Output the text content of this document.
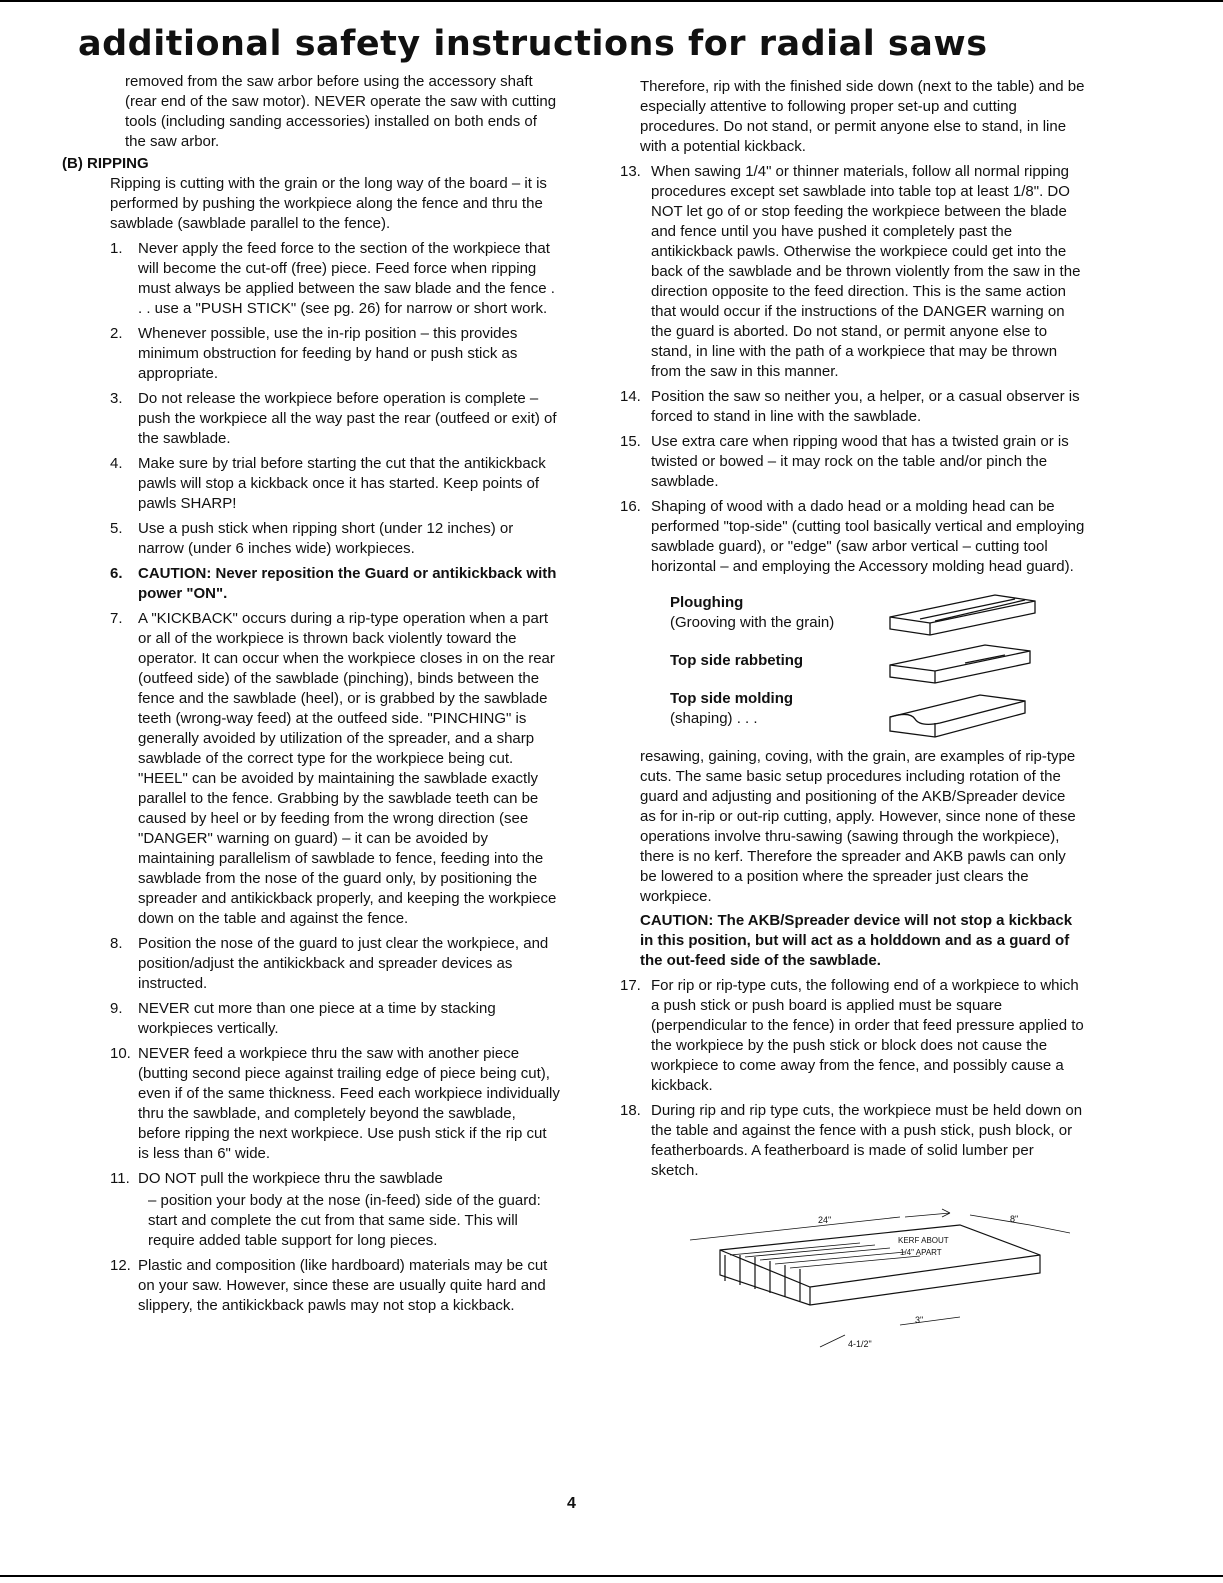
additional safety instructions for radial saws

removed from the saw arbor before using the accessory shaft (rear end of the saw motor). NEVER operate the saw with cutting tools (including sanding accessories) installed on both ends of the saw arbor.

(B) RIPPING

Ripping is cutting with the grain or the long way of the board – it is performed by pushing the workpiece along the fence and thru the sawblade (sawblade parallel to the fence).

1. Never apply the feed force to the section of the workpiece that will become the cut-off (free) piece. Feed force when ripping must always be applied between the saw blade and the fence . . . use a "PUSH STICK" (see pg. 26) for narrow or short work.
2. Whenever possible, use the in-rip position – this provides minimum obstruction for feeding by hand or push stick as appropriate.
3. Do not release the workpiece before operation is complete – push the workpiece all the way past the rear (outfeed or exit) of the sawblade.
4. Make sure by trial before starting the cut that the antikickback pawls will stop a kickback once it has started. Keep points of pawls SHARP!
5. Use a push stick when ripping short (under 12 inches) or narrow (under 6 inches wide) workpieces.
6. CAUTION: Never reposition the Guard or antikickback with power "ON".
7. A "KICKBACK" occurs during a rip-type operation when a part or all of the workpiece is thrown back violently toward the operator. It can occur when the workpiece closes in on the rear (outfeed side) of the sawblade (pinching), binds between the fence and the sawblade (heel), or is grabbed by the sawblade teeth (wrong-way feed) at the outfeed side. "PINCHING" is generally avoided by utilization of the spreader, and a sharp sawblade of the correct type for the workpiece being cut. "HEEL" can be avoided by maintaining the sawblade exactly parallel to the fence. Grabbing by the sawblade teeth can be caused by heel or by feeding from the wrong direction (see "DANGER" warning on guard) – it can be avoided by maintaining parallelism of sawblade to fence, feeding into the sawblade from the nose of the guard only, by positioning the spreader and antikickback properly, and keeping the workpiece down on the table and against the fence.
8. Position the nose of the guard to just clear the workpiece, and position/adjust the antikickback and spreader devices as instructed.
9. NEVER cut more than one piece at a time by stacking workpieces vertically.
10. NEVER feed a workpiece thru the saw with another piece (butting second piece against trailing edge of piece being cut), even if of the same thickness. Feed each workpiece individually thru the sawblade, and completely beyond the sawblade, before ripping the next workpiece. Use push stick if the rip cut is less than 6" wide.
11. DO NOT pull the workpiece thru the sawblade

– position your body at the nose (in-feed) side of the guard: start and complete the cut from that same side. This will require added table support for long pieces.

12. Plastic and composition (like hardboard) materials may be cut on your saw. However, since these are usually quite hard and slippery, the antikickback pawls may not stop a kickback.

Therefore, rip with the finished side down (next to the table) and be especially attentive to following proper set-up and cutting procedures. Do not stand, or permit anyone else to stand, in line with a potential kickback.

13. When sawing 1/4" or thinner materials, follow all normal ripping procedures except set sawblade into table top at least 1/8". DO NOT let go of or stop feeding the workpiece between the blade and fence until you have pushed it completely past the antikickback pawls. Otherwise the workpiece could get into the back of the sawblade and be thrown violently from the saw in the direction opposite to the feed direction. This is the same action that would occur if the instructions of the DANGER warning on the guard is aborted. Do not stand, or permit anyone else to stand, in line with the path of a workpiece that may be thrown from the saw in this manner.
14. Position the saw so neither you, a helper, or a casual observer is forced to stand in line with the sawblade.
15. Use extra care when ripping wood that has a twisted grain or is twisted or bowed – it may rock on the table and/or pinch the sawblade.
16. Shaping of wood with a dado head or a molding head can be performed "top-side" (cutting tool basically vertical and employing sawblade guard), or "edge" (saw arbor vertical – cutting tool horizontal – and employing the Accessory molding head guard).

Ploughing
(Grooving with the grain)

Top side rabbeting

Top side molding
(shaping) . . .

resawing, gaining, coving, with the grain, are examples of rip-type cuts. The same basic setup procedures including rotation of the guard and adjusting and positioning of the AKB/Spreader device as for in-rip or out-rip cutting, apply. However, since none of these operations involve thru-sawing (sawing through the workpiece), there is no kerf. Therefore the spreader and AKB pawls can only be lowered to a position where the spreader just clears the workpiece.

CAUTION: The AKB/Spreader device will not stop a kickback in this position, but will act as a holddown and as a guard of the out-feed side of the sawblade.

17. For rip or rip-type cuts, the following end of a workpiece to which a push stick or push board is applied must be square (perpendicular to the fence) in order that feed pressure applied to the workpiece by the push stick or block does not cause the workpiece to come away from the fence, and possibly cause a kickback.
18. During rip and rip type cuts, the workpiece must be held down on the table and against the fence with a push stick, push block, or featherboards. A featherboard is made of solid lumber per sketch.
24"	8"
KERF ABOUT
1/4" APART
3"
4-1/2"
4
